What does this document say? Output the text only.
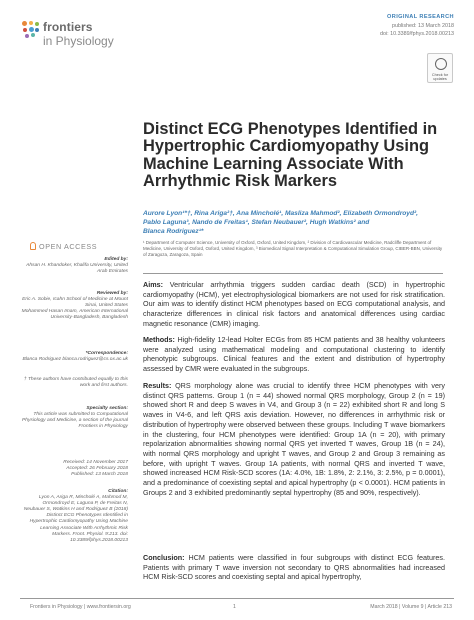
frontiers
in Physiology
ORIGINAL RESEARCH
published: 13 March 2018
doi: 10.3389/fphys.2018.00213
Check for updates
Distinct ECG Phenotypes Identified in Hypertrophic Cardiomyopathy Using Machine Learning Associate With Arrhythmic Risk Markers
Aurore Lyon¹*†, Rina Ariga²†, Ana Mincholé¹, Masliza Mahmod², Elizabeth Ormondroyd²,
Pablo Laguna³, Nando de Freitas¹, Stefan Neubauer², Hugh Watkins² and
Blanca Rodriguez¹*
¹ Department of Computer Science, University of Oxford, Oxford, United Kingdom, ² Division of Cardiovascular Medicine, Radcliffe Department of Medicine, University of Oxford, Oxford, United Kingdom, ³ Biomedical Signal Interpretation & Computational Simulation Group, CIBER-BBN, University of Zaragoza, Zaragoza, Spain
OPEN ACCESS
Edited by:
Ahsan H. Khandoker, Khalifa University, United Arab Emirates
Reviewed by:
Eric A. Sobie, Icahn School of Medicine at Mount Sinai, United States
Mohammed Hasan Imam, American International University-Bangladesh, Bangladesh
*Correspondence:
Blanca Rodriguez blanca.rodriguez@cs.ox.ac.uk
† These authors have contributed equally to this work and first authors.
Specialty section:
This article was submitted to Computational Physiology and Medicine, a section of the journal Frontiers in Physiology
Received: 14 November 2017
Accepted: 26 February 2018
Published: 13 March 2018
Citation:
Lyon A, Ariga R, Mincholé A, Mahmod M, Ormondroyd E, Laguna P, de Freitas N, Neubauer S, Watkins H and Rodriguez B (2018) Distinct ECG Phenotypes Identified in Hypertrophic Cardiomyopathy Using Machine Learning Associate With Arrhythmic Risk Markers. Front. Physiol. 9:213. doi: 10.3389/fphys.2018.00213

Aims: Ventricular arrhythmia triggers sudden cardiac death (SCD) in hypertrophic cardiomyopathy (HCM), yet electrophysiological biomarkers are not used for risk stratification. Our aim was to identify distinct HCM phenotypes based on ECG computational analysis, and characterize differences in clinical risk factors and anatomical differences using cardiac magnetic resonance (CMR) imaging.

Methods: High-fidelity 12-lead Holter ECGs from 85 HCM patients and 38 healthy volunteers were analyzed using mathematical modeling and computational clustering to identify phenotypic subgroups. Clinical features and the extent and distribution of hypertrophy assessed by CMR were evaluated in the subgroups.

Results: QRS morphology alone was crucial to identify three HCM phenotypes with very distinct QRS patterns. Group 1 (n = 44) showed normal QRS morphology, Group 2 (n = 19) showed short R and deep S waves in V4, and Group 3 (n = 22) exhibited short R and long S waves in V4-6, and left QRS axis deviation. However, no differences in arrhythmic risk or distribution of hypertrophy were observed between these groups. Including T wave biomarkers in the clustering, four HCM phenotypes were identified: Group 1A (n = 20), with primary repolarization abnormalities showing normal QRS yet inverted T waves, Group 1B (n = 24), with normal QRS morphology and upright T waves, and Group 2 and Group 3 remaining as before, with upright T waves. Group 1A patients, with normal QRS and inverted T wave, showed increased HCM Risk-SCD scores (1A: 4.0%, 1B: 1.8%, 2: 2.1%, 3: 2.5%, p = 0.0001), and a predominance of coexisting septal and apical hypertrophy (p < 0.0001). HCM patients in Groups 2 and 3 exhibited predominantly septal hypertrophy (85 and 90%, respectively).

Conclusion: HCM patients were classified in four subgroups with distinct ECG features. Patients with primary T wave inversion not secondary to QRS abnormalities had increased HCM Risk-SCD scores and coexisting septal and apical hypertrophy,

Frontiers in Physiology | www.frontiersin.org	1	March 2018 | Volume 9 | Article 213
